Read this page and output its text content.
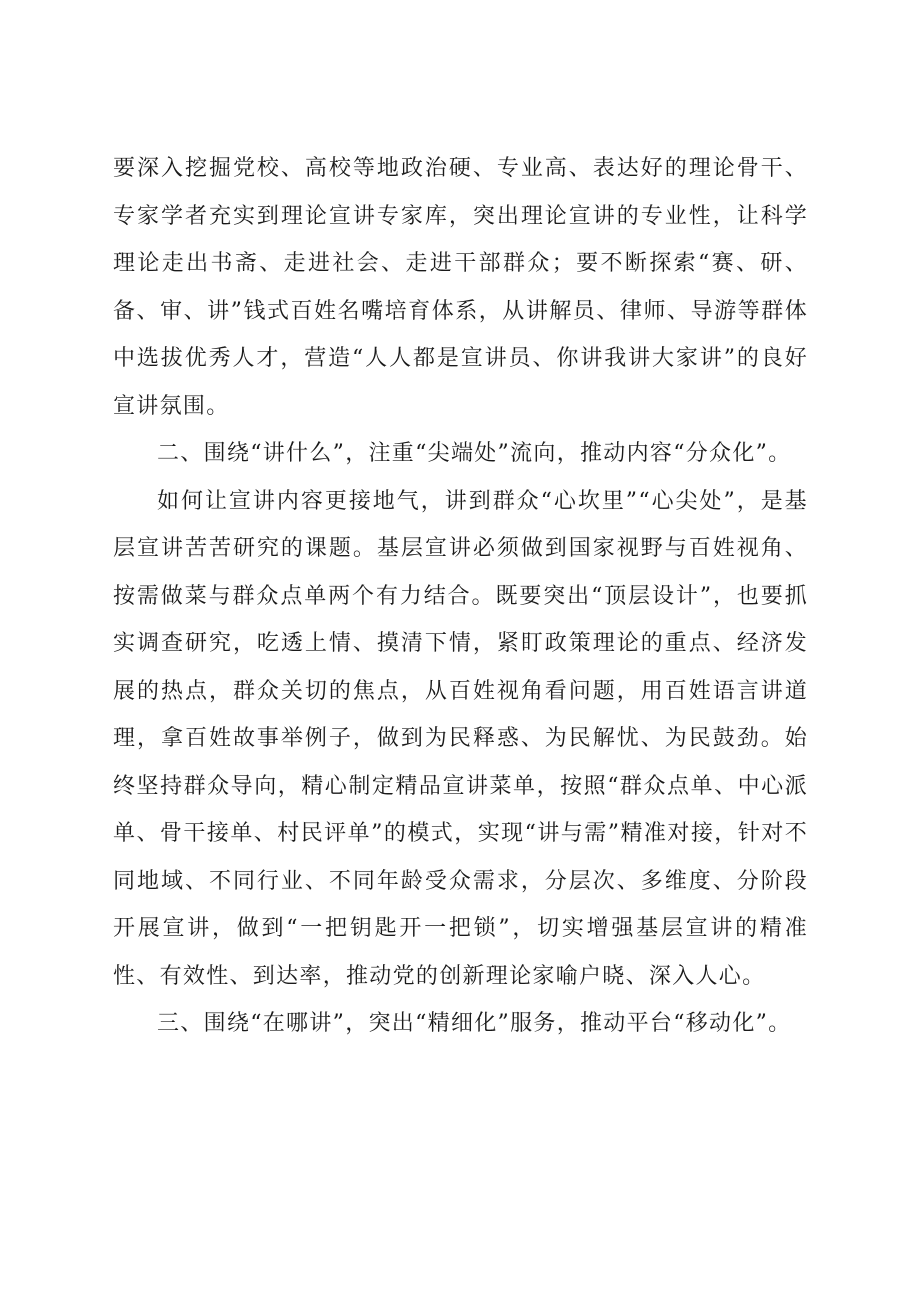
要深入挖掘党校、高校等地政治硬、专业高、表达好的理论骨干、专家学者充实到理论宣讲专家库，突出理论宣讲的专业性，让科学理论走出书斋、走进社会、走进干部群众；要不断探索“赛、研、备、审、讲”钱式百姓名嘴培育体系，从讲解员、律师、导游等群体中选拔优秀人才，营造“人人都是宣讲员、你讲我讲大家讲”的良好宣讲氛围。

二、围绕“讲什么”，注重“尖端处”流向，推动内容“分众化”。

如何让宣讲内容更接地气，讲到群众“心坎里”“心尖处”，是基层宣讲苦苦研究的课题。基层宣讲必须做到国家视野与百姓视角、按需做菜与群众点单两个有力结合。既要突出“顶层设计”，也要抓实调查研究，吃透上情、摸清下情，紧盯政策理论的重点、经济发展的热点，群众关切的焦点，从百姓视角看问题，用百姓语言讲道理，拿百姓故事举例子，做到为民释惑、为民解忧、为民鼓劲。始终坚持群众导向，精心制定精品宣讲菜单，按照“群众点单、中心派单、骨干接单、村民评单”的模式，实现“讲与需”精准对接，针对不同地域、不同行业、不同年龄受众需求，分层次、多维度、分阶段开展宣讲，做到“一把钥匙开一把锁”，切实增强基层宣讲的精准性、有效性、到达率，推动党的创新理论家喻户晓、深入人心。

三、围绕“在哪讲”，突出“精细化”服务，推动平台“移动化”。
